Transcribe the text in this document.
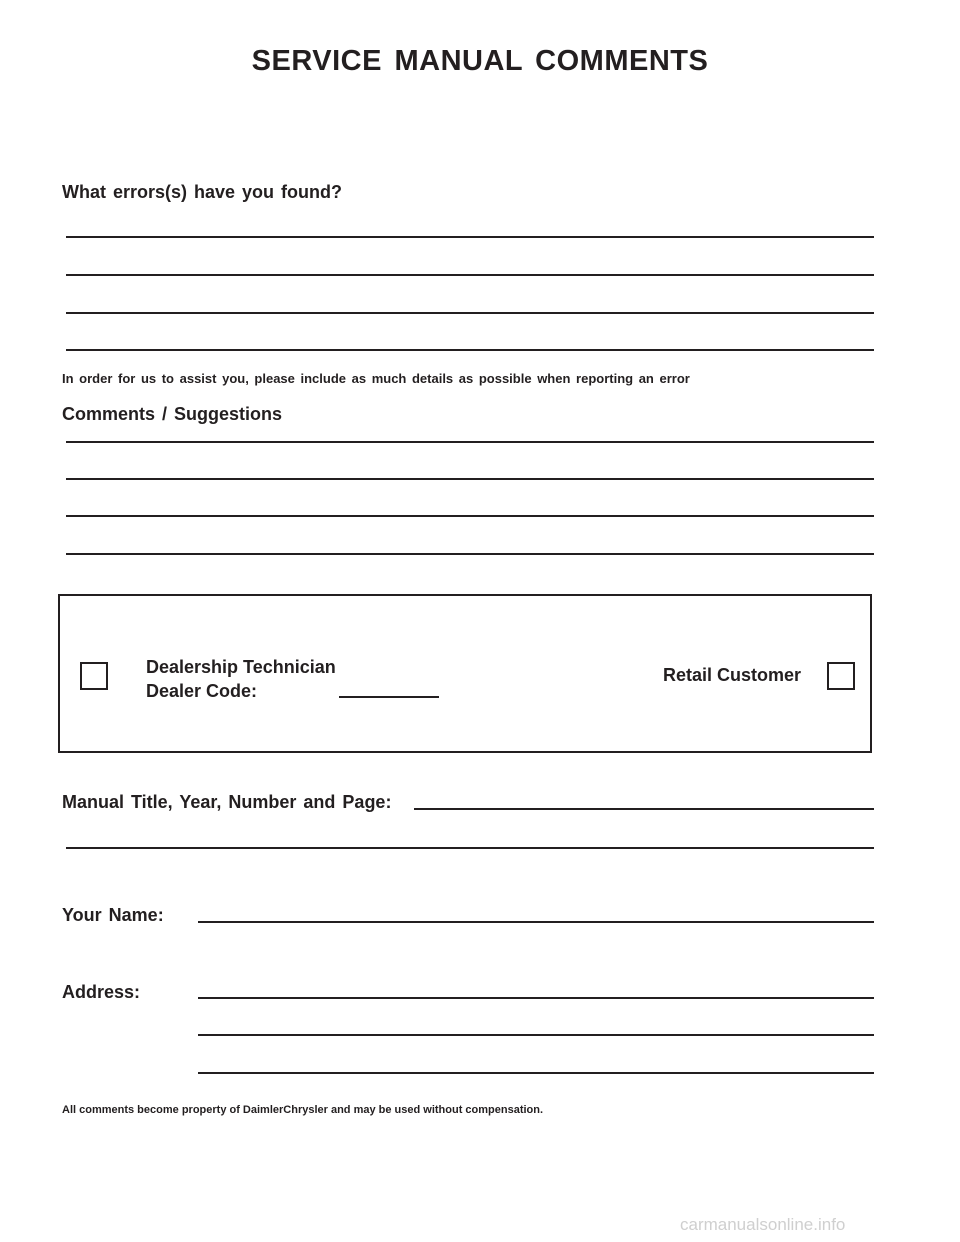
SERVICE MANUAL COMMENTS
What errors(s) have you found?
In order for us to assist you, please include as much details as possible when reporting an error
Comments / Suggestions
Dealership Technician
Dealer Code:
Retail Customer
Manual Title, Year, Number and Page:
Your Name:
Address:
All comments become property of DaimlerChrysler and may be used without compensation.
carmanualsonline.info
